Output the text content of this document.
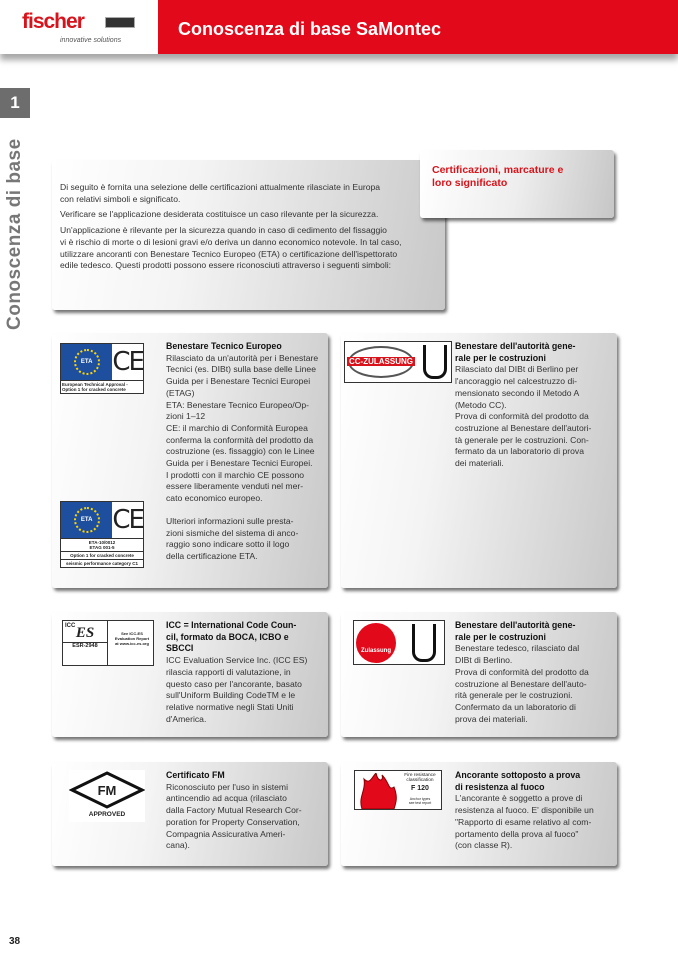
fischer
innovative solutions
Conoscenza di base SaMontec
1
Conoscenza di base	Di seguito è fornita una selezione delle certificazioni attualmente rilasciate in Europa
con relativi simboli e significato.

Verificare se l'applicazione desiderata costituisce un caso rilevante per la sicurezza.

Un'applicazione è rilevante per la sicurezza quando in caso di cedimento del fissaggio
vi è rischio di morte o di lesioni gravi e/o deriva un danno economico notevole. In tal caso,
utilizzare ancoranti con Benestare Tecnico Europeo (ETA) o certificazione dell'ispettorato
edile tedesco. Questi prodotti possono essere riconosciuti attraverso i seguenti simboli:

Certificazioni, marcature e
loro significato
ETA CE
European Technical Approval -
Option 1 for cracked concrete
ETA CE
ETA-10/0012
ETAG 001-5
Option 1 for cracked concrete
seismic performance category C1
Benestare Tecnico Europeo
Rilasciato da un'autorità per i Benestare
Tecnici (es. DIBt) sulla base delle Linee
Guida per i Benestare Tecnici Europei
(ETAG)
ETA: Benestare Tecnico Europeo/Op-
zioni 1–12
CE: il marchio di Conformità Europea
conferma la conformità del prodotto da
costruzione (es. fissaggio) con le Linee
Guida per i Benestare Tecnici Europei.
I prodotti con il marchio CE possono
essere liberamente venduti nel mer-
cato economico europeo.
Ulteriori informazioni sulle presta-
zioni sismiche del sistema di anco-
raggio sono indicare sotto il logo
della certificazione ETA.
CC-ZULASSUNG
Benestare dell'autorità gene-
rale per le costruzioni
Rilasciato dal DIBt di Berlino per
l'ancoraggio nel calcestruzzo di-
mensionato secondo il Metodo A
(Metodo CC).
Prova di conformità del prodotto da
costruzione al Benestare dell'autori-
tà generale per le costruzioni. Con-
fermato da un laboratorio di prova
dei materiali.
ICC ES
ESR-2948
See ICC-ES
Evaluation Report
at www.icc-es.org
ICC = International Code Coun-
cil, formato da BOCA, ICBO e
SBCCI
ICC Evaluation Service Inc. (ICC ES)
rilascia rapporti di valutazione, in
questo caso per l'ancorante, basato
sull'Uniform Building CodeTM e le
relative normative negli Stati Uniti
d'America.
Zulassung
Benestare dell'autorità gene-
rale per le costruzioni
Benestare tedesco, rilasciato dal
DIBt di Berlino.
Prova di conformità del prodotto da
costruzione al Benestare dell'auto-
rità generale per le costruzioni.
Confermato da un laboratorio di
prova dei materiali.
FM
APPROVED
Certificato FM
Riconosciuto per l'uso in sistemi
antincendio ad acqua (rilasciato
dalla Factory Mutual Research Cor-
poration for Property Conservation,
Compagnia Assicurativa Ameri-
cana).
Fire resistance
classification
F 120
Anchor types
see test report
Ancorante sottoposto a prova
di resistenza al fuoco
L'ancorante è soggetto a prove di
resistenza al fuoco. E' disponibile un
"Rapporto di esame relativo al com-
portamento della prova al fuoco"
(con classe R).
38
